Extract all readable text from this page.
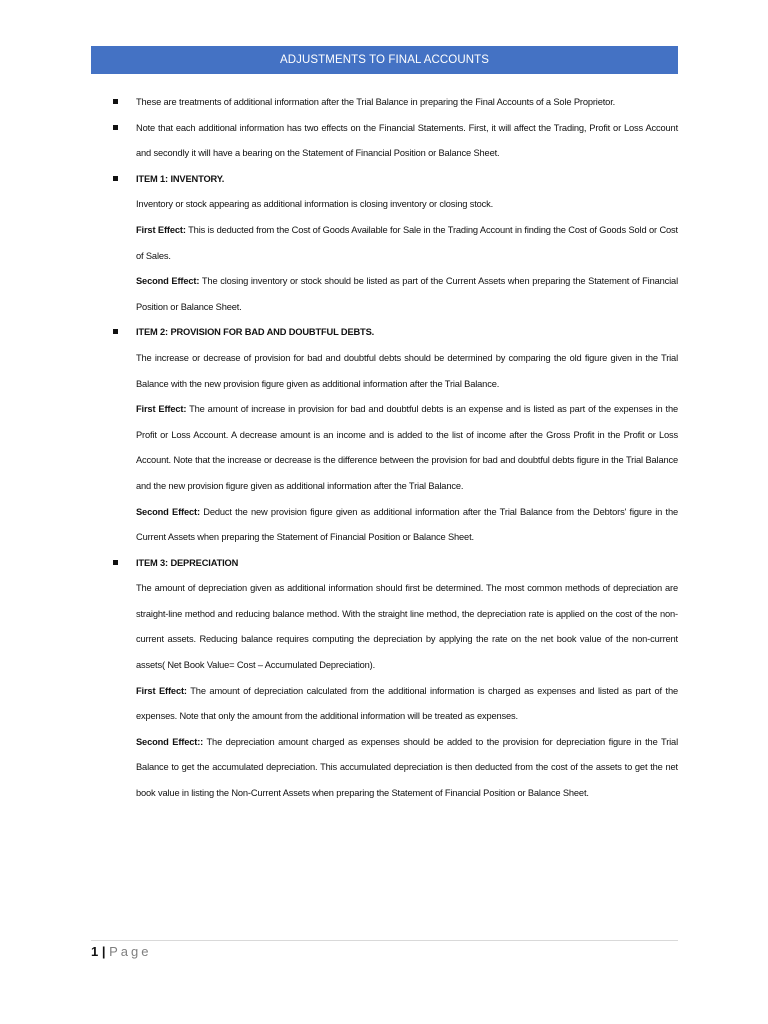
ADJUSTMENTS TO FINAL ACCOUNTS
These are treatments of additional information after the Trial Balance in preparing the Final Accounts of a Sole Proprietor.
Note that each additional information has two effects on the Financial Statements. First, it will affect the Trading, Profit or Loss Account and secondly it will have a bearing on the Statement of Financial Position or Balance Sheet.
ITEM 1: INVENTORY.
Inventory or stock appearing as additional information is closing inventory or closing stock.
First Effect: This is deducted from the Cost of Goods Available for Sale in the Trading Account in finding the Cost of Goods Sold or Cost of Sales.
Second Effect: The closing inventory or stock should be listed as part of the Current Assets when preparing the Statement of Financial Position or Balance Sheet.
ITEM 2: PROVISION FOR BAD AND DOUBTFUL DEBTS.
The increase or decrease of provision for bad and doubtful debts should be determined by comparing the old figure given in the Trial Balance with the new provision figure given as additional information after the Trial Balance.
First Effect: The amount of increase in provision for bad and doubtful debts is an expense and is listed as part of the expenses in the Profit or Loss Account. A decrease amount is an income and is added to the list of income after the Gross Profit in the Profit or Loss Account. Note that the increase or decrease is the difference between the provision for bad and doubtful debts figure in the Trial Balance and the new provision figure given as additional information after the Trial Balance.
Second Effect: Deduct the new provision figure given as additional information after the Trial Balance from the Debtors' figure in the Current Assets when preparing the Statement of Financial Position or Balance Sheet.
ITEM 3: DEPRECIATION
The amount of depreciation given as additional information should first be determined. The most common methods of depreciation are straight-line method and reducing balance method. With the straight line method, the depreciation rate is applied on the cost of the non-current assets. Reducing balance requires computing the depreciation by applying the rate on the net book value of the non-current assets( Net Book Value= Cost – Accumulated Depreciation).
First Effect: The amount of depreciation calculated from the additional information is charged as expenses and listed as part of the expenses. Note that only the amount from the additional information will be treated as expenses.
Second Effect:: The depreciation amount charged as expenses should be added to the provision for depreciation figure in the Trial Balance to get the accumulated depreciation. This accumulated depreciation is then deducted from the cost of the assets to get the net book value in listing the Non-Current Assets when preparing the Statement of Financial Position or Balance Sheet.
1 | Page
